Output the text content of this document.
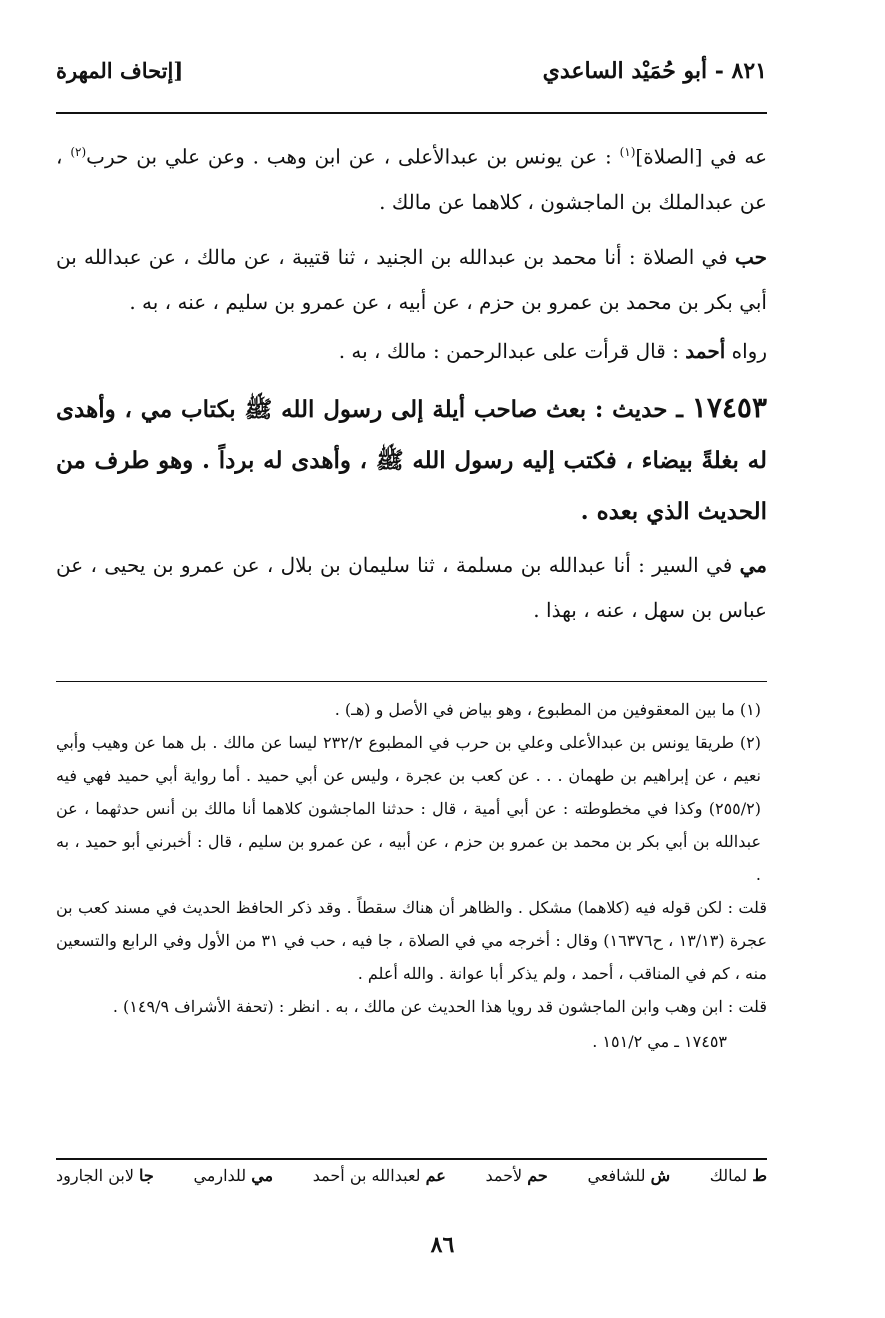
٨٢١ - أبو حُمَيْد الساعدي
[إتحاف المهرة

عه في [الصلاة]$^{(١)}$ : عن يونس بن عبدالأعلى ، عن ابن وهب . وعن علي بن حرب$^{(٢)}$ ، عن عبدالملك بن الماجشون ، كلاهما عن مالك .

حب في الصلاة : أنا محمد بن عبدالله بن الجنيد ، ثنا قتيبة ، عن مالك ، عن عبدالله بن أبي بكر بن محمد بن عمرو بن حزم ، عن أبيه ، عن عمرو بن سليم ، عنه ، به .

رواه أحمد : قال قرأت على عبدالرحمن : مالك ، به .

١٧٤٥٣ ـ حديث : بعث صاحب أيلة إلى رسول الله ﷺ بكتاب مي ، وأهدى له بغلةً بيضاء ، فكتب إليه رسول الله ﷺ ، وأهدى له برداً . وهو طرف من الحديث الذي بعده .

مي في السير : أنا عبدالله بن مسلمة ، ثنا سليمان بن بلال ، عن عمرو بن يحيى ، عن عباس بن سهل ، عنه ، بهذا .

(١) ما بين المعقوفين من المطبوع ، وهو بياض في الأصل و (هـ) .

(٢) طريقا يونس بن عبدالأعلى وعلي بن حرب في المطبوع ٢٣٢/٢ ليسا عن مالك . بل هما عن وهيب وأبي نعيم ، عن إبراهيم بن طهمان . . . عن كعب بن عجرة ، وليس عن أبي حميد . أما رواية أبي حميد فهي فيه (٢٥٥/٢) وكذا في مخطوطته : عن أبي أمية ، قال : حدثنا الماجشون كلاهما أنا مالك بن أنس حدثهما ، عن عبدالله بن أبي بكر بن محمد بن عمرو بن حزم ، عن أبيه ، عن عمرو بن سليم ، قال : أخبرني أبو حميد ، به .

قلت : لكن قوله فيه (كلاهما) مشكل . والظاهر أن هناك سقطاً . وقد ذكر الحافظ الحديث في مسند كعب بن عجرة (١٣/١٣ ، ح١٦٣٧٦) وقال : أخرجه مي في الصلاة ، جا فيه ، حب في ٣١ من الأول وفي الرابع والتسعين منه ، كم في المناقب ، أحمد ، ولم يذكر أبا عوانة . والله أعلم .

قلت : ابن وهب وابن الماجشون قد رويا هذا الحديث عن مالك ، به . انظر : (تحفة الأشراف ١٤٩/٩) .

١٧٤٥٣ ـ مي ١٥١/٢ .

ط لمالك
ش للشافعي
حم لأحمد
عم لعبدالله بن أحمد
مي للدارمي
جا لابن الجارود
٨٦
